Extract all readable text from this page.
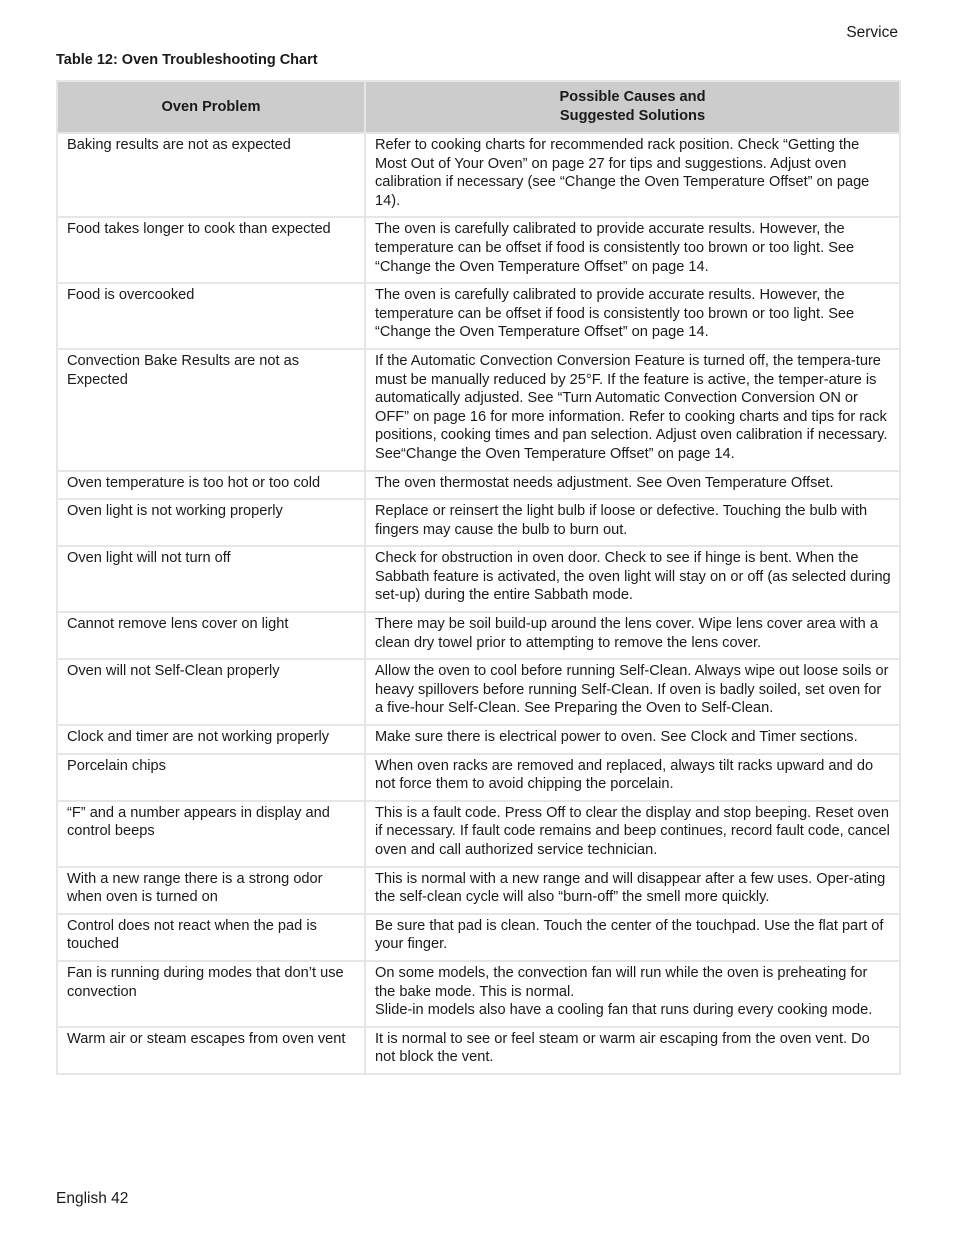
Service
Table 12: Oven Troubleshooting Chart
Oven Problem	Possible Causes and
Suggested Solutions
Baking results are not as expected	Refer to cooking charts for recommended rack position. Check “Getting the Most Out of Your Oven” on page 27 for tips and suggestions. Adjust oven calibration if necessary (see “Change the Oven Temperature Offset” on page 14).
Food takes longer to cook than expected	The oven is carefully calibrated to provide accurate results. However, the temperature can be offset if food is consistently too brown or too light. See “Change the Oven Temperature Offset” on page 14.
Food is overcooked	The oven is carefully calibrated to provide accurate results. However, the temperature can be offset if food is consistently too brown or too light. See “Change the Oven Temperature Offset” on page 14.
Convection Bake Results are not as Expected	If the Automatic Convection Conversion Feature is turned off, the tempera-ture must be manually reduced by 25°F. If the feature is active, the temper-ature is automatically adjusted. See “Turn Automatic Convection Conversion ON or OFF” on page 16 for more information. Refer to cooking charts and tips for rack positions, cooking times and pan selection. Adjust oven calibration if necessary. See“Change the Oven Temperature Offset” on page 14.
Oven temperature is too hot or too cold	The oven thermostat needs adjustment. See Oven Temperature Offset.
Oven light is not working properly	Replace or reinsert the light bulb if loose or defective. Touching the bulb with fingers may cause the bulb to burn out.
Oven light will not turn off	Check for obstruction in oven door. Check to see if hinge is bent. When the Sabbath feature is activated, the oven light will stay on or off (as selected during set-up) during the entire Sabbath mode.
Cannot remove lens cover on light	There may be soil build-up around the lens cover. Wipe lens cover area with a clean dry towel prior to attempting to remove the lens cover.
Oven will not Self-Clean properly	Allow the oven to cool before running Self-Clean. Always wipe out loose soils or heavy spillovers before running Self-Clean. If oven is badly soiled, set oven for a five-hour Self-Clean. See Preparing the Oven to Self-Clean.
Clock and timer are not working properly	Make sure there is electrical power to oven. See Clock and Timer sections.
Porcelain chips	When oven racks are removed and replaced, always tilt racks upward and do not force them to avoid chipping the porcelain.
“F” and a number appears in display and control beeps	This is a fault code. Press Off to clear the display and stop beeping. Reset oven if necessary. If fault code remains and beep continues, record fault code, cancel oven and call authorized service technician.
With a new range there is a strong odor when oven is turned on	This is normal with a new range and will disappear after a few uses. Oper-ating the self-clean cycle will also “burn-off” the smell more quickly.
Control does not react when the pad is touched	Be sure that pad is clean. Touch the center of the touchpad. Use the flat part of your finger.
Fan is running during modes that don’t use convection	On some models, the convection fan will run while the oven is preheating for the bake mode. This is normal.
Slide-in models also have a cooling fan that runs during every cooking mode.
Warm air or steam escapes from oven vent	It is normal to see or feel steam or warm air escaping from the oven vent. Do not block the vent.
English 42
